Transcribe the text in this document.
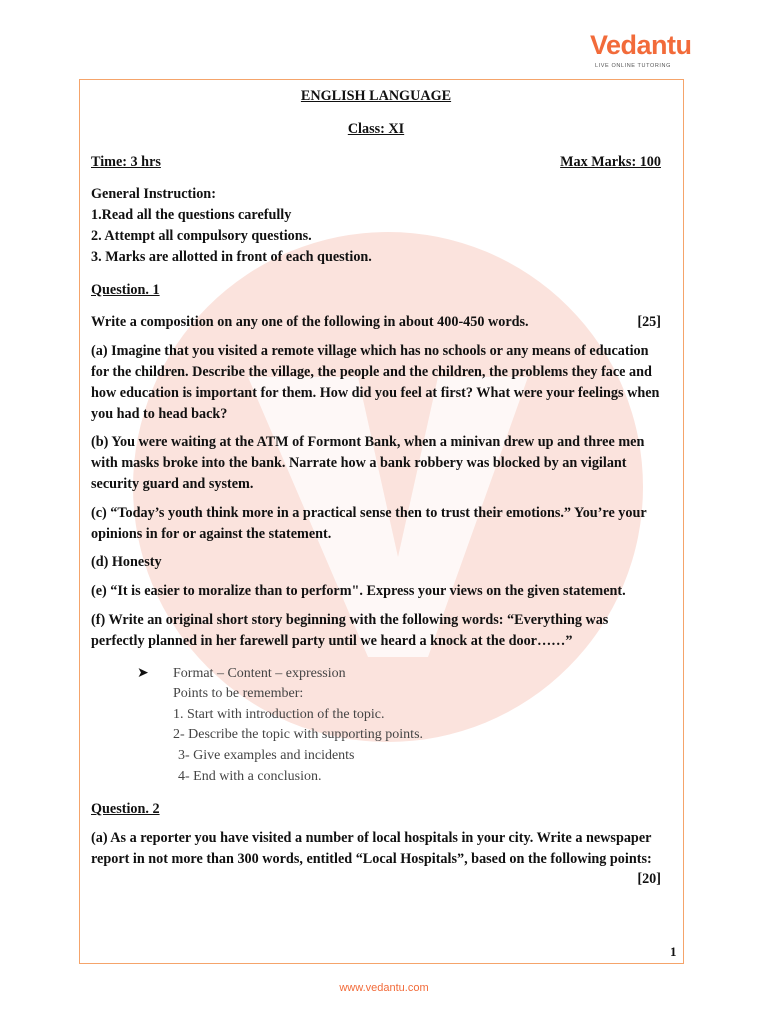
Vedantu
LIVE ONLINE TUTORING

ENGLISH LANGUAGE

Class: XI

Time: 3 hrs	Max Marks: 100

General Instruction:

1.Read all the questions carefully

2. Attempt all compulsory questions.

3. Marks are allotted in front of each question.

Question. 1

Write a composition on any one of the following in about 400-450 words.	[25]

(a) Imagine that you visited a remote village which has no schools or any means of education for the children. Describe the village, the people and the children, the problems they face and how education is important for them. How did you feel at first? What were your feelings when you had to head back?

(b) You were waiting at the ATM of Formont Bank, when a minivan drew up and three men with masks broke into the bank. Narrate how a bank robbery was blocked by an vigilant security guard and system.

(c) “Today’s youth think more in a practical sense then to trust their emotions.” You’re your opinions in for or against the statement.

(d) Honesty

(e) “It is easier to moralize than to perform". Express your views on the given statement.

(f) Write an original short story beginning with the following words: “Everything was perfectly planned in her farewell party until we heard a knock at the door……”

➤	Format – Content – expression

Points to be remember:

1. Start with introduction of the topic.

2- Describe the topic with supporting points.

3- Give examples and incidents

4- End with a conclusion.

Question. 2

(a) As a reporter you have visited a number of local hospitals in your city. Write a newspaper report in not more than 300 words, entitled “Local Hospitals”, based on the following points:
[20]

1
www.vedantu.com
